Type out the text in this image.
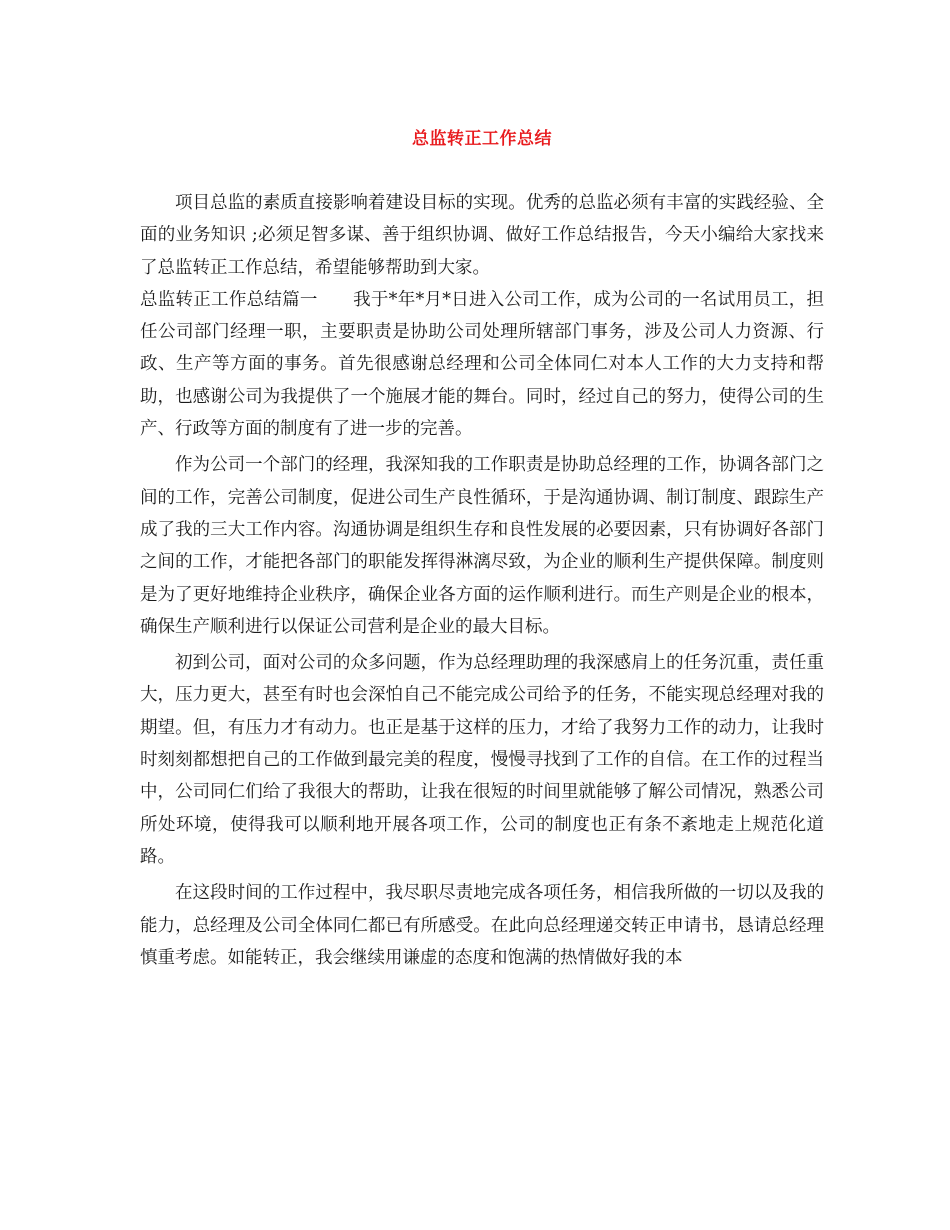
总监转正工作总结

项目总监的素质直接影响着建设目标的实现。优秀的总监必须有丰富的实践经验、全面的业务知识 ;必须足智多谋、善于组织协调、做好工作总结报告，今天小编给大家找来了总监转正工作总结，希望能够帮助到大家。

总监转正工作总结篇一　　我于*年*月*日进入公司工作，成为公司的一名试用员工，担任公司部门经理一职，主要职责是协助公司处理所辖部门事务，涉及公司人力资源、行政、生产等方面的事务。首先很感谢总经理和公司全体同仁对本人工作的大力支持和帮助，也感谢公司为我提供了一个施展才能的舞台。同时，经过自己的努力，使得公司的生产、行政等方面的制度有了进一步的完善。

作为公司一个部门的经理，我深知我的工作职责是协助总经理的工作，协调各部门之间的工作，完善公司制度，促进公司生产良性循环，于是沟通协调、制订制度、跟踪生产成了我的三大工作内容。沟通协调是组织生存和良性发展的必要因素，只有协调好各部门之间的工作，才能把各部门的职能发挥得淋漓尽致，为企业的顺利生产提供保障。制度则是为了更好地维持企业秩序，确保企业各方面的运作顺利进行。而生产则是企业的根本，确保生产顺利进行以保证公司营利是企业的最大目标。

初到公司，面对公司的众多问题，作为总经理助理的我深感肩上的任务沉重，责任重大，压力更大，甚至有时也会深怕自己不能完成公司给予的任务，不能实现总经理对我的期望。但，有压力才有动力。也正是基于这样的压力，才给了我努力工作的动力，让我时时刻刻都想把自己的工作做到最完美的程度，慢慢寻找到了工作的自信。在工作的过程当中，公司同仁们给了我很大的帮助，让我在很短的时间里就能够了解公司情况，熟悉公司所处环境，使得我可以顺利地开展各项工作，公司的制度也正有条不紊地走上规范化道路。

在这段时间的工作过程中，我尽职尽责地完成各项任务，相信我所做的一切以及我的能力，总经理及公司全体同仁都已有所感受。在此向总经理递交转正申请书，恳请总经理慎重考虑。如能转正，我会继续用谦虚的态度和饱满的热情做好我的本
